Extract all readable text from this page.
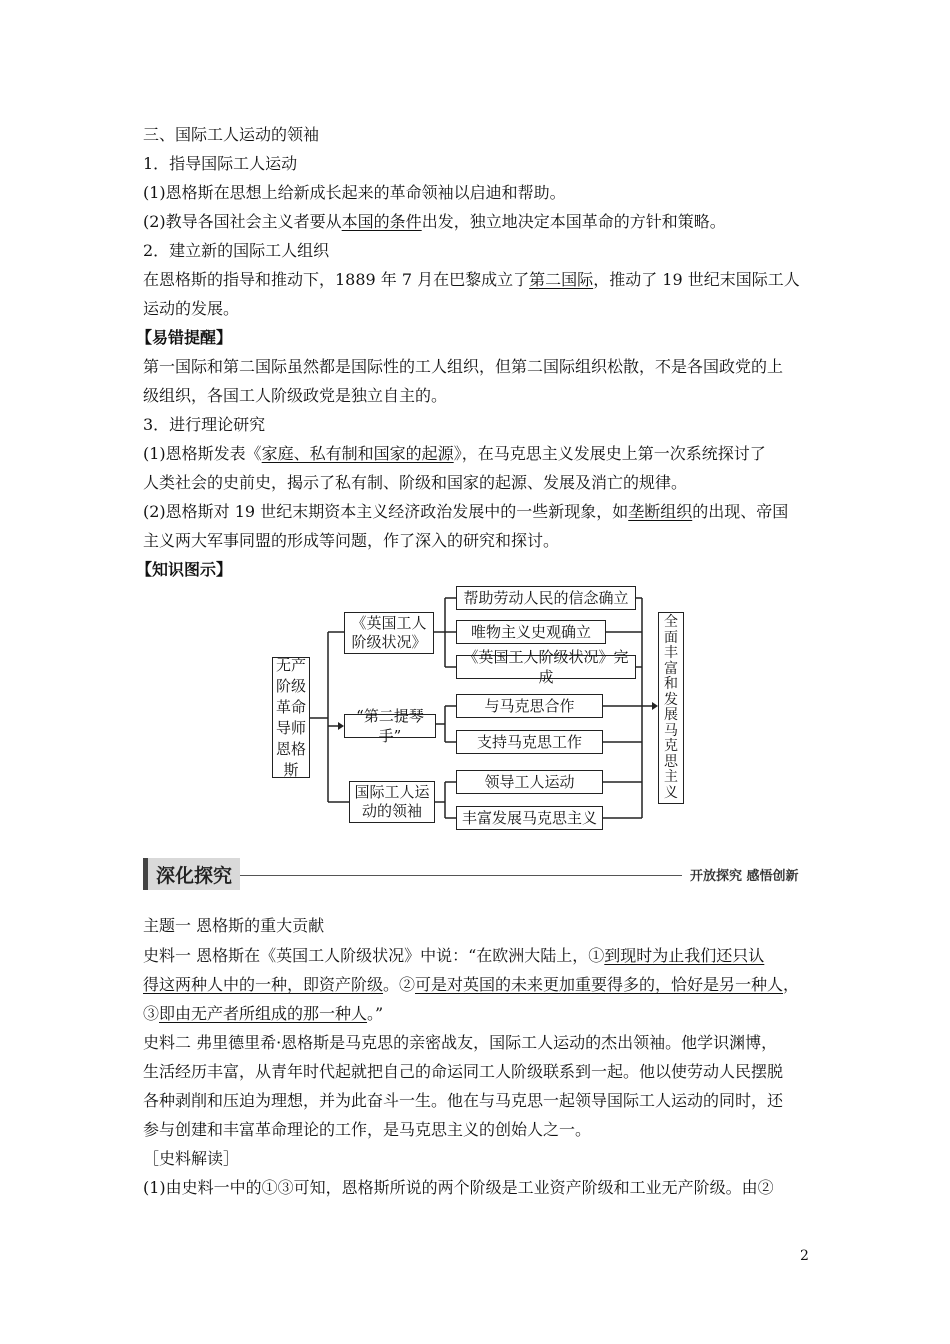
三、国际工人运动的领袖
1．指导国际工人运动
(1)恩格斯在思想上给新成长起来的革命领袖以启迪和帮助。
(2)教导各国社会主义者要从本国的条件出发，独立地决定本国革命的方针和策略。
2．建立新的国际工人组织
在恩格斯的指导和推动下，1889 年 7 月在巴黎成立了第二国际，推动了 19 世纪末国际工人
运动的发展。
【易错提醒】
第一国际和第二国际虽然都是国际性的工人组织，但第二国际组织松散，不是各国政党的上
级组织，各国工人阶级政党是独立自主的。
3．进行理论研究
(1)恩格斯发表《家庭、私有制和国家的起源》，在马克思主义发展史上第一次系统探讨了
人类社会的史前史，揭示了私有制、阶级和国家的起源、发展及消亡的规律。
(2)恩格斯对 19 世纪末期资本主义经济政治发展中的一些新现象，如垄断组织的出现、帝国
主义两大军事同盟的形成等问题，作了深入的研究和探讨。
【知识图示】
无产
阶级
革命
导师
恩格
斯
《英国工人
阶级状况》
“第二提琴手”
国际工人运
动的领袖
帮助劳动人民的信念确立
唯物主义史观确立
《英国工人阶级状况》完成
与马克思合作
支持马克思工作
领导工人运动
丰富发展马克思主义
全
面
丰
富
和
发
展
马
克
思
主
义
深化探究	开放探究 感悟创新
主题一 恩格斯的重大贡献
史料一 恩格斯在《英国工人阶级状况》中说：“在欧洲大陆上，①到现时为止我们还只认
得这两种人中的一种，即资产阶级。②可是对英国的未来更加重要得多的，恰好是另一种人，
③即由无产者所组成的那一种人。”
史料二 弗里德里希·恩格斯是马克思的亲密战友，国际工人运动的杰出领袖。他学识渊博，
生活经历丰富，从青年时代起就把自己的命运同工人阶级联系到一起。他以使劳动人民摆脱
各种剥削和压迫为理想，并为此奋斗一生。他在与马克思一起领导国际工人运动的同时，还
参与创建和丰富革命理论的工作，是马克思主义的创始人之一。
［史料解读］
(1)由史料一中的①③可知，恩格斯所说的两个阶级是工业资产阶级和工业无产阶级。由②
2
